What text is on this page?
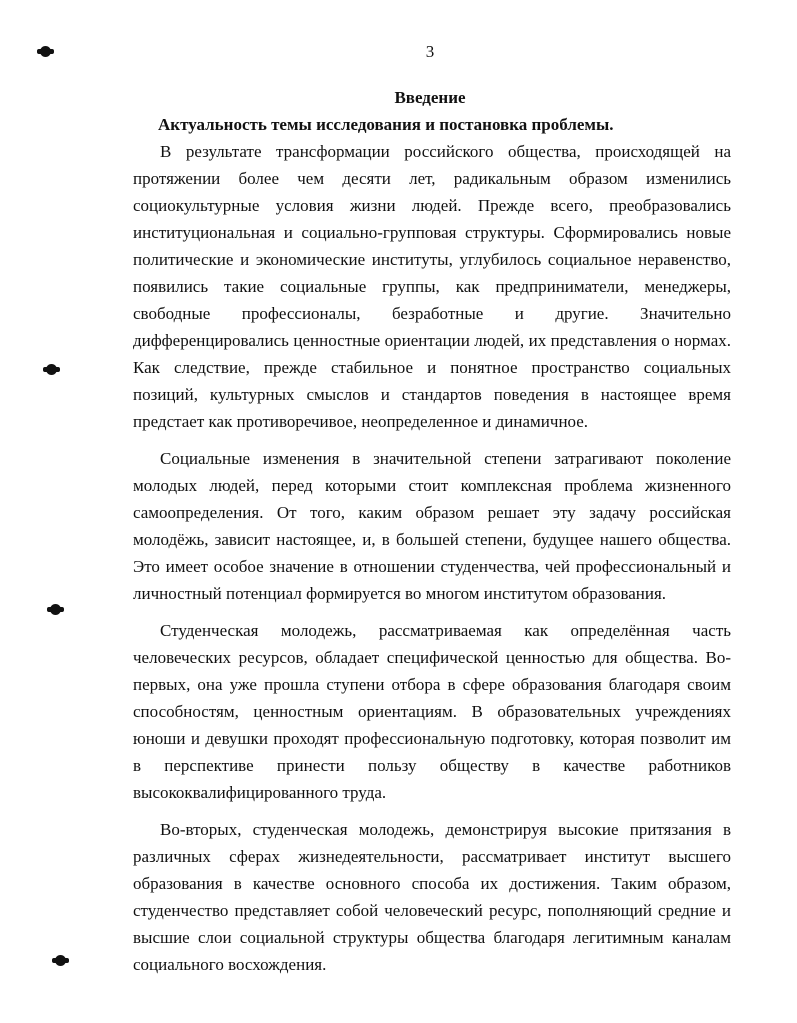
3
Введение
Актуальность темы исследования и постановка проблемы.

В результате трансформации российского общества, происходящей на протяжении более чем десяти лет, радикальным образом изменились социокультурные условия жизни людей. Прежде всего, преобразовались институциональная и социально-групповая структуры. Сформировались новые политические и экономические институты, углубилось социальное неравенство, появились такие социальные группы, как предприниматели, менеджеры, свободные профессионалы, безработные и другие. Значительно дифференцировались ценностные ориентации людей, их представления о нормах. Как следствие, прежде стабильное и понятное пространство социальных позиций, культурных смыслов и стандартов поведения в настоящее время предстает как противоречивое, неопределенное и динамичное.

Социальные изменения в значительной степени затрагивают поколение молодых людей, перед которыми стоит комплексная проблема жизненного самоопределения. От того, каким образом решает эту задачу российская молодёжь, зависит настоящее, и, в большей степени, будущее нашего общества. Это имеет особое значение в отношении студенчества, чей профессиональный и личностный потенциал формируется во многом институтом образования.

Студенческая молодежь, рассматриваемая как определённая часть человеческих ресурсов, обладает специфической ценностью для общества. Во-первых, она уже прошла ступени отбора в сфере образования благодаря своим способностям, ценностным ориентациям. В образовательных учреждениях юноши и девушки проходят профессиональную подготовку, которая позволит им в перспективе принести пользу обществу в качестве работников высококвалифицированного труда.

Во-вторых, студенческая молодежь, демонстрируя высокие притязания в различных сферах жизнедеятельности, рассматривает институт высшего образования в качестве основного способа их достижения. Таким образом, студенчество представляет собой человеческий ресурс, пополняющий средние и высшие слои социальной структуры общества благодаря легитимным каналам социального восхождения.
